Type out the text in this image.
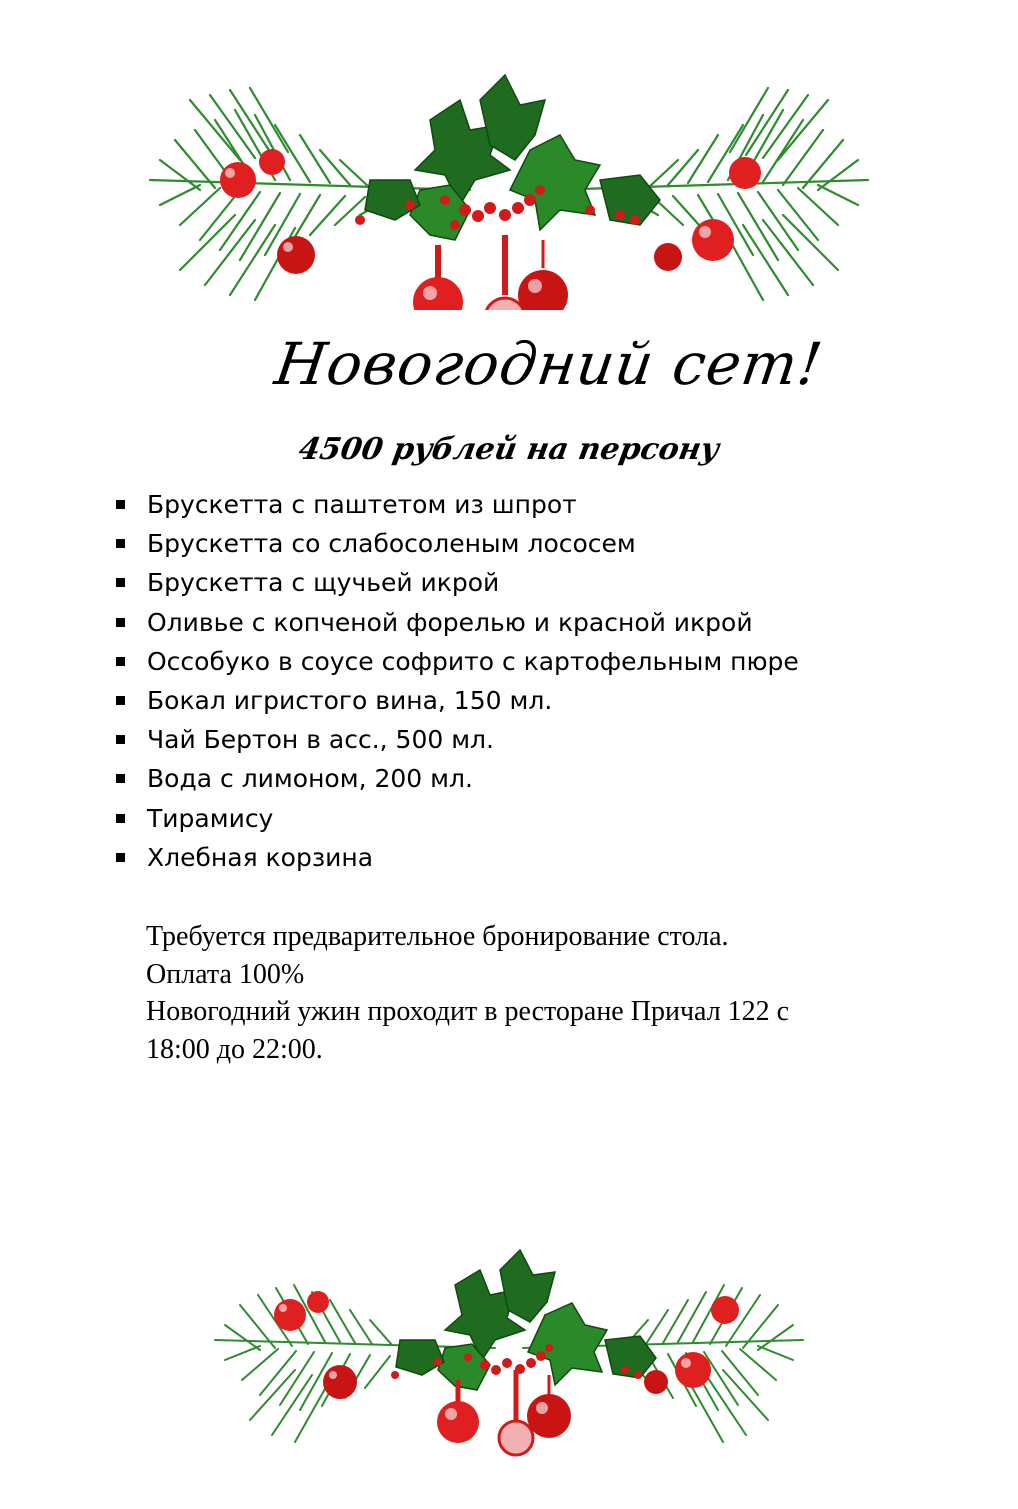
Новогодний сет!
4500 рублей на персону
Брускетта с паштетом из шпрот
Брускетта со слабосоленым лососем
Брускетта с щучьей икрой
Оливье с копченой форелью и красной икрой
Оссобуко в соусе софрито с картофельным пюре
Бокал игристого вина, 150 мл.
Чай Бертон в асс., 500 мл.
Вода с лимоном, 200 мл.
Тирамису
Хлебная корзина
Требуется предварительное бронирование стола.
Оплата 100%
Новогодний ужин проходит в ресторане Причал 122 с
18:00 до 22:00.
